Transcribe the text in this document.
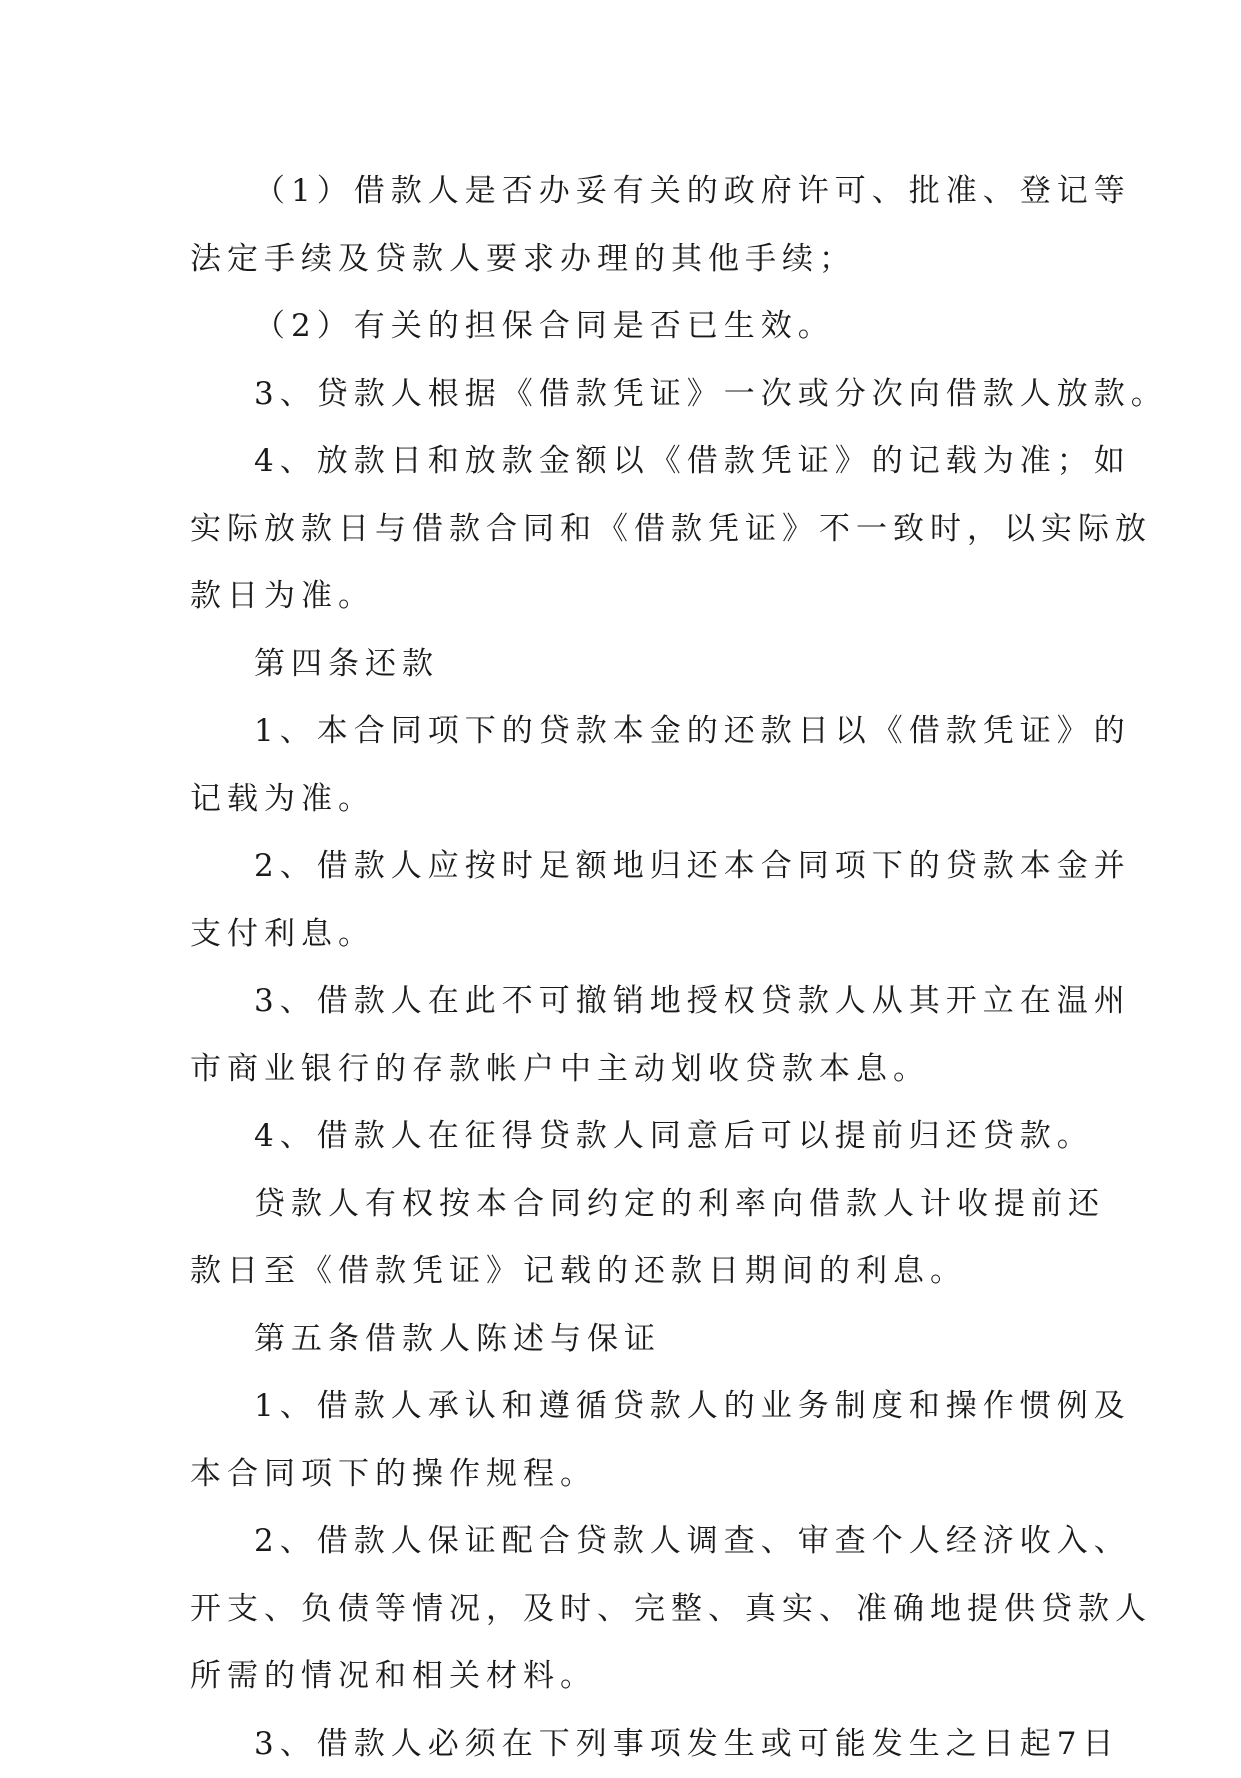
（1）借款人是否办妥有关的政府许可、批准、登记等
法定手续及贷款人要求办理的其他手续；
（2）有关的担保合同是否已生效。
3、贷款人根据《借款凭证》一次或分次向借款人放款。
4、放款日和放款金额以《借款凭证》的记载为准；如
实际放款日与借款合同和《借款凭证》不一致时，以实际放
款日为准。
第四条还款
1、本合同项下的贷款本金的还款日以《借款凭证》的
记载为准。
2、借款人应按时足额地归还本合同项下的贷款本金并
支付利息。
3、借款人在此不可撤销地授权贷款人从其开立在温州
市商业银行的存款帐户中主动划收贷款本息。
4、借款人在征得贷款人同意后可以提前归还贷款。
贷款人有权按本合同约定的利率向借款人计收提前还
款日至《借款凭证》记载的还款日期间的利息。
第五条借款人陈述与保证
1、借款人承认和遵循贷款人的业务制度和操作惯例及
本合同项下的操作规程。
2、借款人保证配合贷款人调查、审查个人经济收入、
开支、负债等情况，及时、完整、真实、准确地提供贷款人
所需的情况和相关材料。
3、借款人必须在下列事项发生或可能发生之日起7日
